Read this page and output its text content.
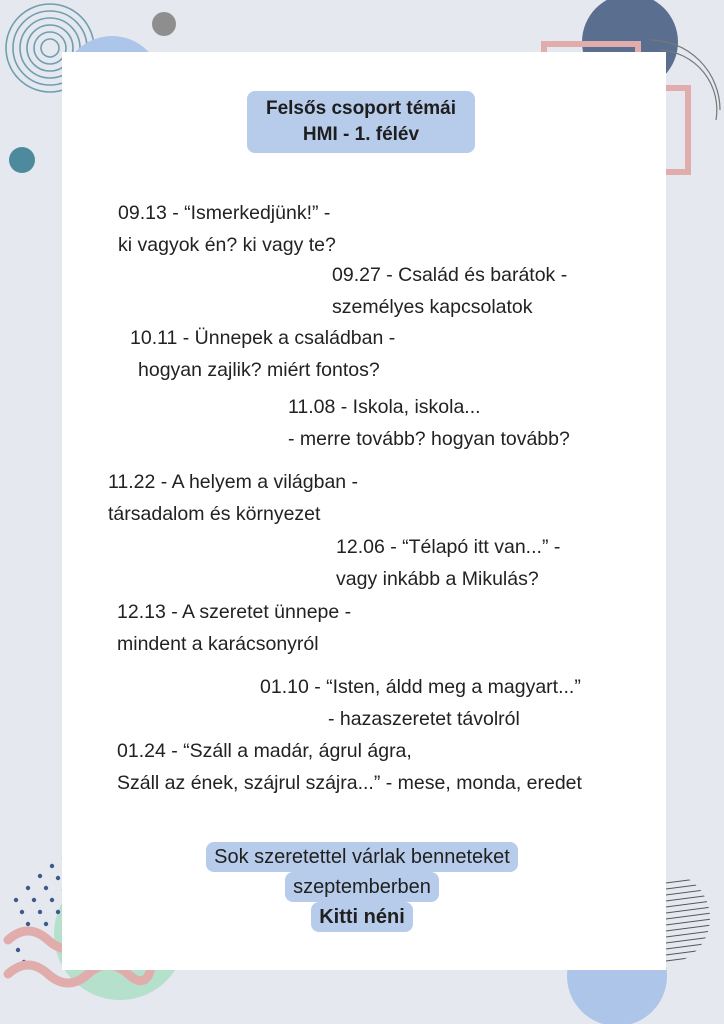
Felsős csoport témái
HMI - 1. félév
09.13 - “Ismerkedjünk!” -
ki vagyok én? ki vagy te?
09.27 - Család és barátok -
személyes kapcsolatok
10.11 - Ünnepek a családban -
hogyan zajlik? miért fontos?
11.08 - Iskola, iskola...
- merre tovább? hogyan tovább?
11.22 - A helyem a világban -
társadalom és környezet
12.06 - “Télapó itt van...” -
vagy inkább a Mikulás?
12.13 - A szeretet ünnepe -
mindent a karácsonyról
01.10 - “Isten, áldd meg a magyart...”
- hazaszeretet távolról
01.24 - “Száll a madár, ágrul ágra,
Száll az ének, szájrul szájra...” - mese, monda, eredet
Sok szeretettel várlak benneteket
szeptemberben
Kitti néni
